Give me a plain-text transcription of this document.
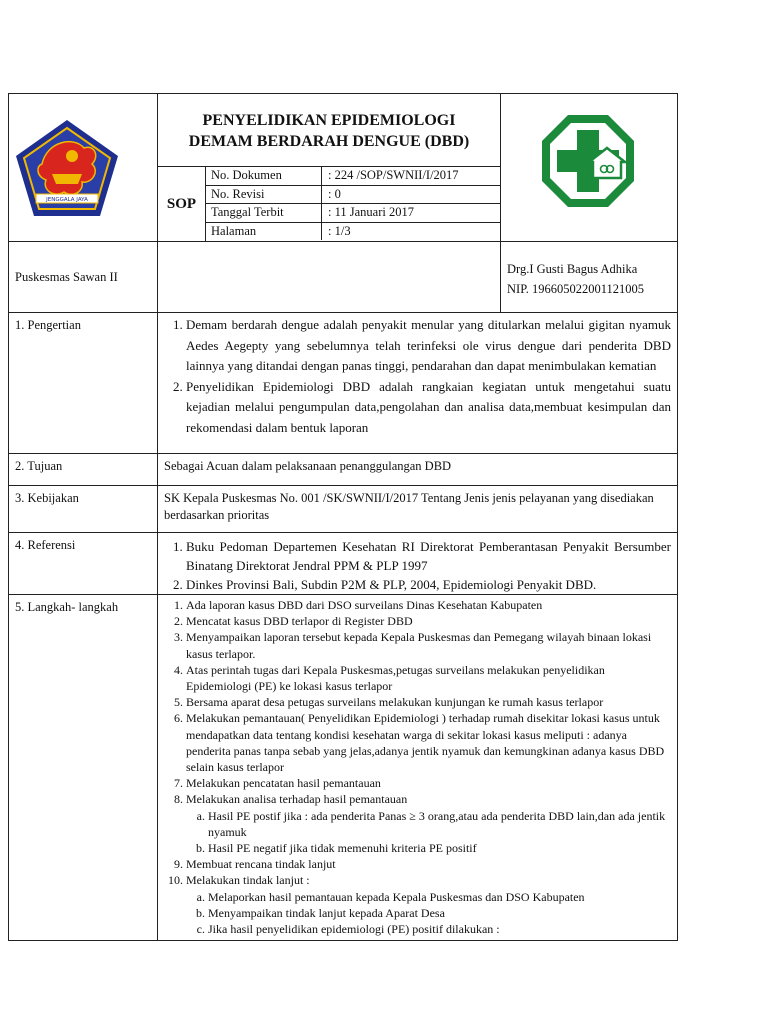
JENGGALA JAYA

PENYELIDIKAN EPIDEMIOLOGI
DEMAM BERDARAH DENGUE (DBD)
SOP
No. Dokumen	: 224 /SOP/SWNII/I/2017
No. Revisi	: 0
Tanggal Terbit	: 11 Januari 2017
Halaman	: 1/3

Puskesmas Sawan II		
Drg.I Gusti Bagus Adhika
NIP. 196605022001121005

1. Pengertian	
1.Demam berdarah dengue adalah penyakit menular yang ditularkan melalui gigitan nyamuk Aedes Aegepty yang sebelumnya telah terinfeksi ole virus dengue dari penderita DBD lainnya yang ditandai dengan panas tinggi, pendarahan dan dapat menimbulakan kematian
2. Penyelidikan Epidemiologi DBD adalah rangkaian kegiatan untuk mengetahui suatu kejadian melalui pengumpulan data,pengolahan dan analisa data,membuat kesimpulan dan rekomendasi dalam bentuk laporan

2. Tujuan	Sebagai Acuan dalam pelaksanaan penanggulangan DBD
3. Kebijakan	SK Kepala Puskesmas No. 001 /SK/SWNII/I/2017 Tentang Jenis jenis pelayanan yang disediakan berdasarkan prioritas
4. Referensi	
1.Buku Pedoman Departemen Kesehatan RI Direktorat Pemberantasan Penyakit Bersumber Binatang Direktorat Jendral PPM & PLP 1997
2. Dinkes Provinsi Bali, Subdin P2M & PLP, 2004, Epidemiologi Penyakit DBD.

5. Langkah- langkah	
1.Ada laporan kasus DBD dari DSO surveilans Dinas Kesehatan Kabupaten
2. Mencatat kasus DBD terlapor di Register DBD
3. Menyampaikan laporan tersebut kepada Kepala Puskesmas dan Pemegang wilayah binaan lokasi kasus terlapor.
4. Atas perintah tugas dari Kepala Puskesmas,petugas surveilans melakukan penyelidikan Epidemiologi (PE) ke lokasi kasus terlapor
5. Bersama aparat desa petugas surveilans melakukan kunjungan ke rumah kasus terlapor
6. Melakukan pemantauan( Penyelidikan Epidemiologi ) terhadap rumah disekitar lokasi kasus untuk mendapatkan data tentang kondisi kesehatan warga di sekitar lokasi kasus meliputi : adanya penderita panas tanpa sebab yang jelas,adanya jentik nyamuk dan kemungkinan adanya kasus DBD selain kasus terlapor
7. Melakukan pencatatan hasil pemantauan
8. Melakukan analisa terhadap hasil pemantauan
a. Hasil PE postif jika : ada penderita Panas ≥ 3 orang,atau ada penderita DBD lain,dan ada jentik nyamuk
b. Hasil PE negatif jika tidak memenuhi kriteria PE positif
9. Membuat rencana tindak lanjut
10. Melakukan tindak lanjut :
a. Melaporkan hasil pemantauan kepada Kepala Puskesmas dan DSO Kabupaten
b. Menyampaikan tindak lanjut kepada Aparat Desa
c. Jika hasil penyelidikan epidemiologi (PE) positif dilakukan :
